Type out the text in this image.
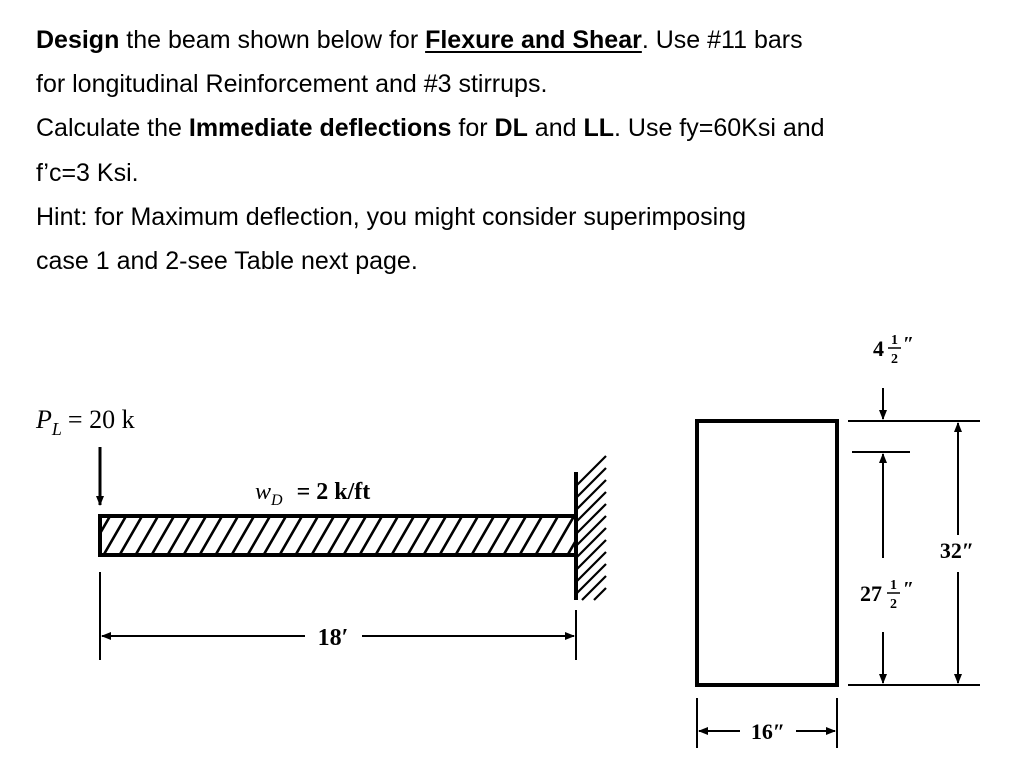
Design the beam shown below for Flexure and Shear. Use #11 bars

for longitudinal Reinforcement and #3 stirrups.

Calculate the Immediate deflections for DL and LL. Use fy=60Ksi and

f’c=3 Ksi.

Hint: for Maximum deflection, you might consider superimposing

case 1 and 2-see Table next page.

$P_L = 20$ k
$w_D = 2$ k/ft
18′
4 1
2
″
27 1
2
″
32″
16″
